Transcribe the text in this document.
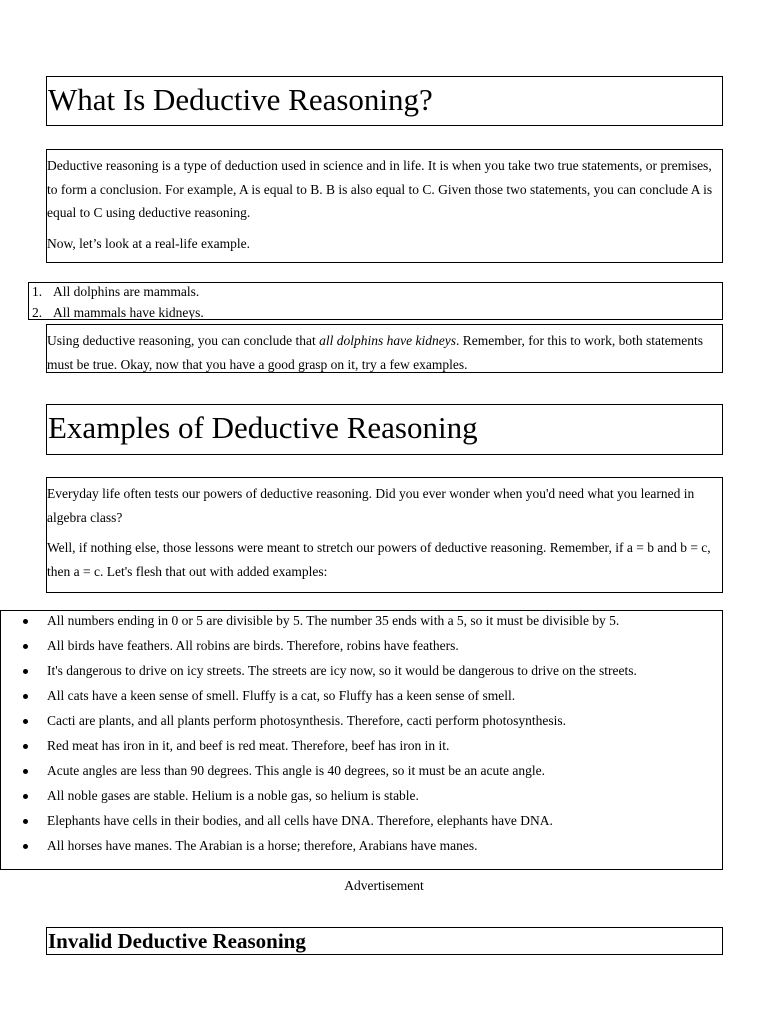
What Is Deductive Reasoning?

Deductive reasoning is a type of deduction used in science and in life. It is when you take two true statements, or premises, to form a conclusion. For example, A is equal to B. B is also equal to C. Given those two statements, you can conclude A is equal to C using deductive reasoning.

Now, let’s look at a real-life example.

1. All dolphins are mammals.
2. All mammals have kidneys.

Using deductive reasoning, you can conclude that all dolphins have kidneys. Remember, for this to work, both statements must be true. Okay, now that you have a good grasp on it, try a few examples.

Examples of Deductive Reasoning

Everyday life often tests our powers of deductive reasoning. Did you ever wonder when you'd need what you learned in algebra class?

Well, if nothing else, those lessons were meant to stretch our powers of deductive reasoning. Remember, if a = b and b = c, then a = c. Let's flesh that out with added examples:

All numbers ending in 0 or 5 are divisible by 5. The number 35 ends with a 5, so it must be divisible by 5.
All birds have feathers. All robins are birds. Therefore, robins have feathers.
It's dangerous to drive on icy streets. The streets are icy now, so it would be dangerous to drive on the streets.
All cats have a keen sense of smell. Fluffy is a cat, so Fluffy has a keen sense of smell.
Cacti are plants, and all plants perform photosynthesis. Therefore, cacti perform photosynthesis.
Red meat has iron in it, and beef is red meat. Therefore, beef has iron in it.
Acute angles are less than 90 degrees. This angle is 40 degrees, so it must be an acute angle.
All noble gases are stable. Helium is a noble gas, so helium is stable.
Elephants have cells in their bodies, and all cells have DNA. Therefore, elephants have DNA.
All horses have manes. The Arabian is a horse; therefore, Arabians have manes.
Advertisement
Invalid Deductive Reasoning
